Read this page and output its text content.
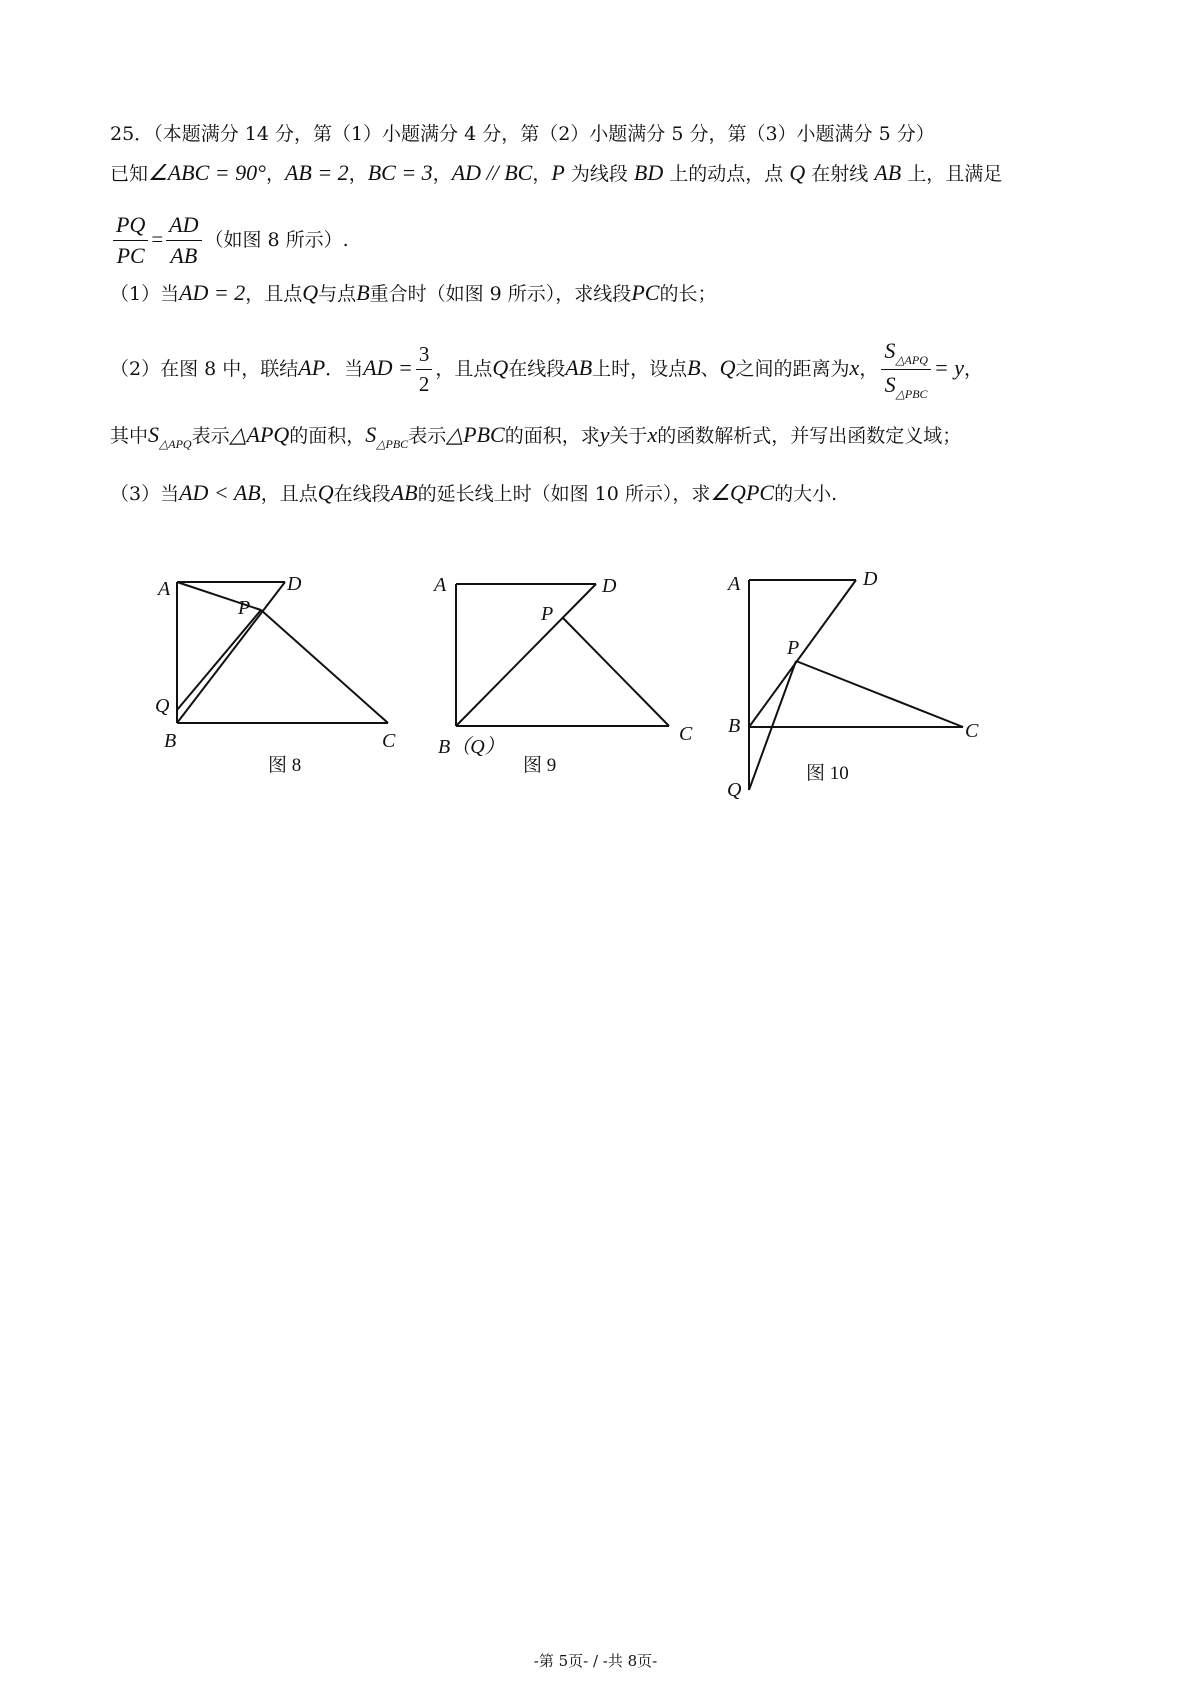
25．（本题满分 14 分，第（1）小题满分 4 分，第（2）小题满分 5 分，第（3）小题满分 5 分）
已知∠ABC = 90°，AB = 2，BC = 3，AD // BC，P 为线段 BD 上的动点，点 Q 在射线 AB 上，且满足
$\frac{PQ}{PC} = \frac{AD}{AB}$ （如图 8 所示）.
（1）当AD = 2，且点Q与点B重合时（如图 9 所示），求线段PC的长；
（2）在图 8 中，联结AP．当AD = $\frac{3}{2}$ ，且点Q在线段AB上时，设点B、Q之间的距离为x， $\frac{S_{\triangle APQ}}{S_{\triangle PBC}} = y$，
其中$S_{\triangle APQ}$表示△APQ的面积，$S_{\triangle PBC}$表示△PBC的面积，求y关于x的函数解析式，并写出函数定义域；
（3）当AD < AB，且点Q在线段AB的延长线上时（如图 10 所示），求∠QPC的大小.
A	D
P
Q
B	C
A	D
P
B（Q）
C
A	D
P
B	C
Q
图 8	图 9	图 10
-第 5页- / -共 8页-
